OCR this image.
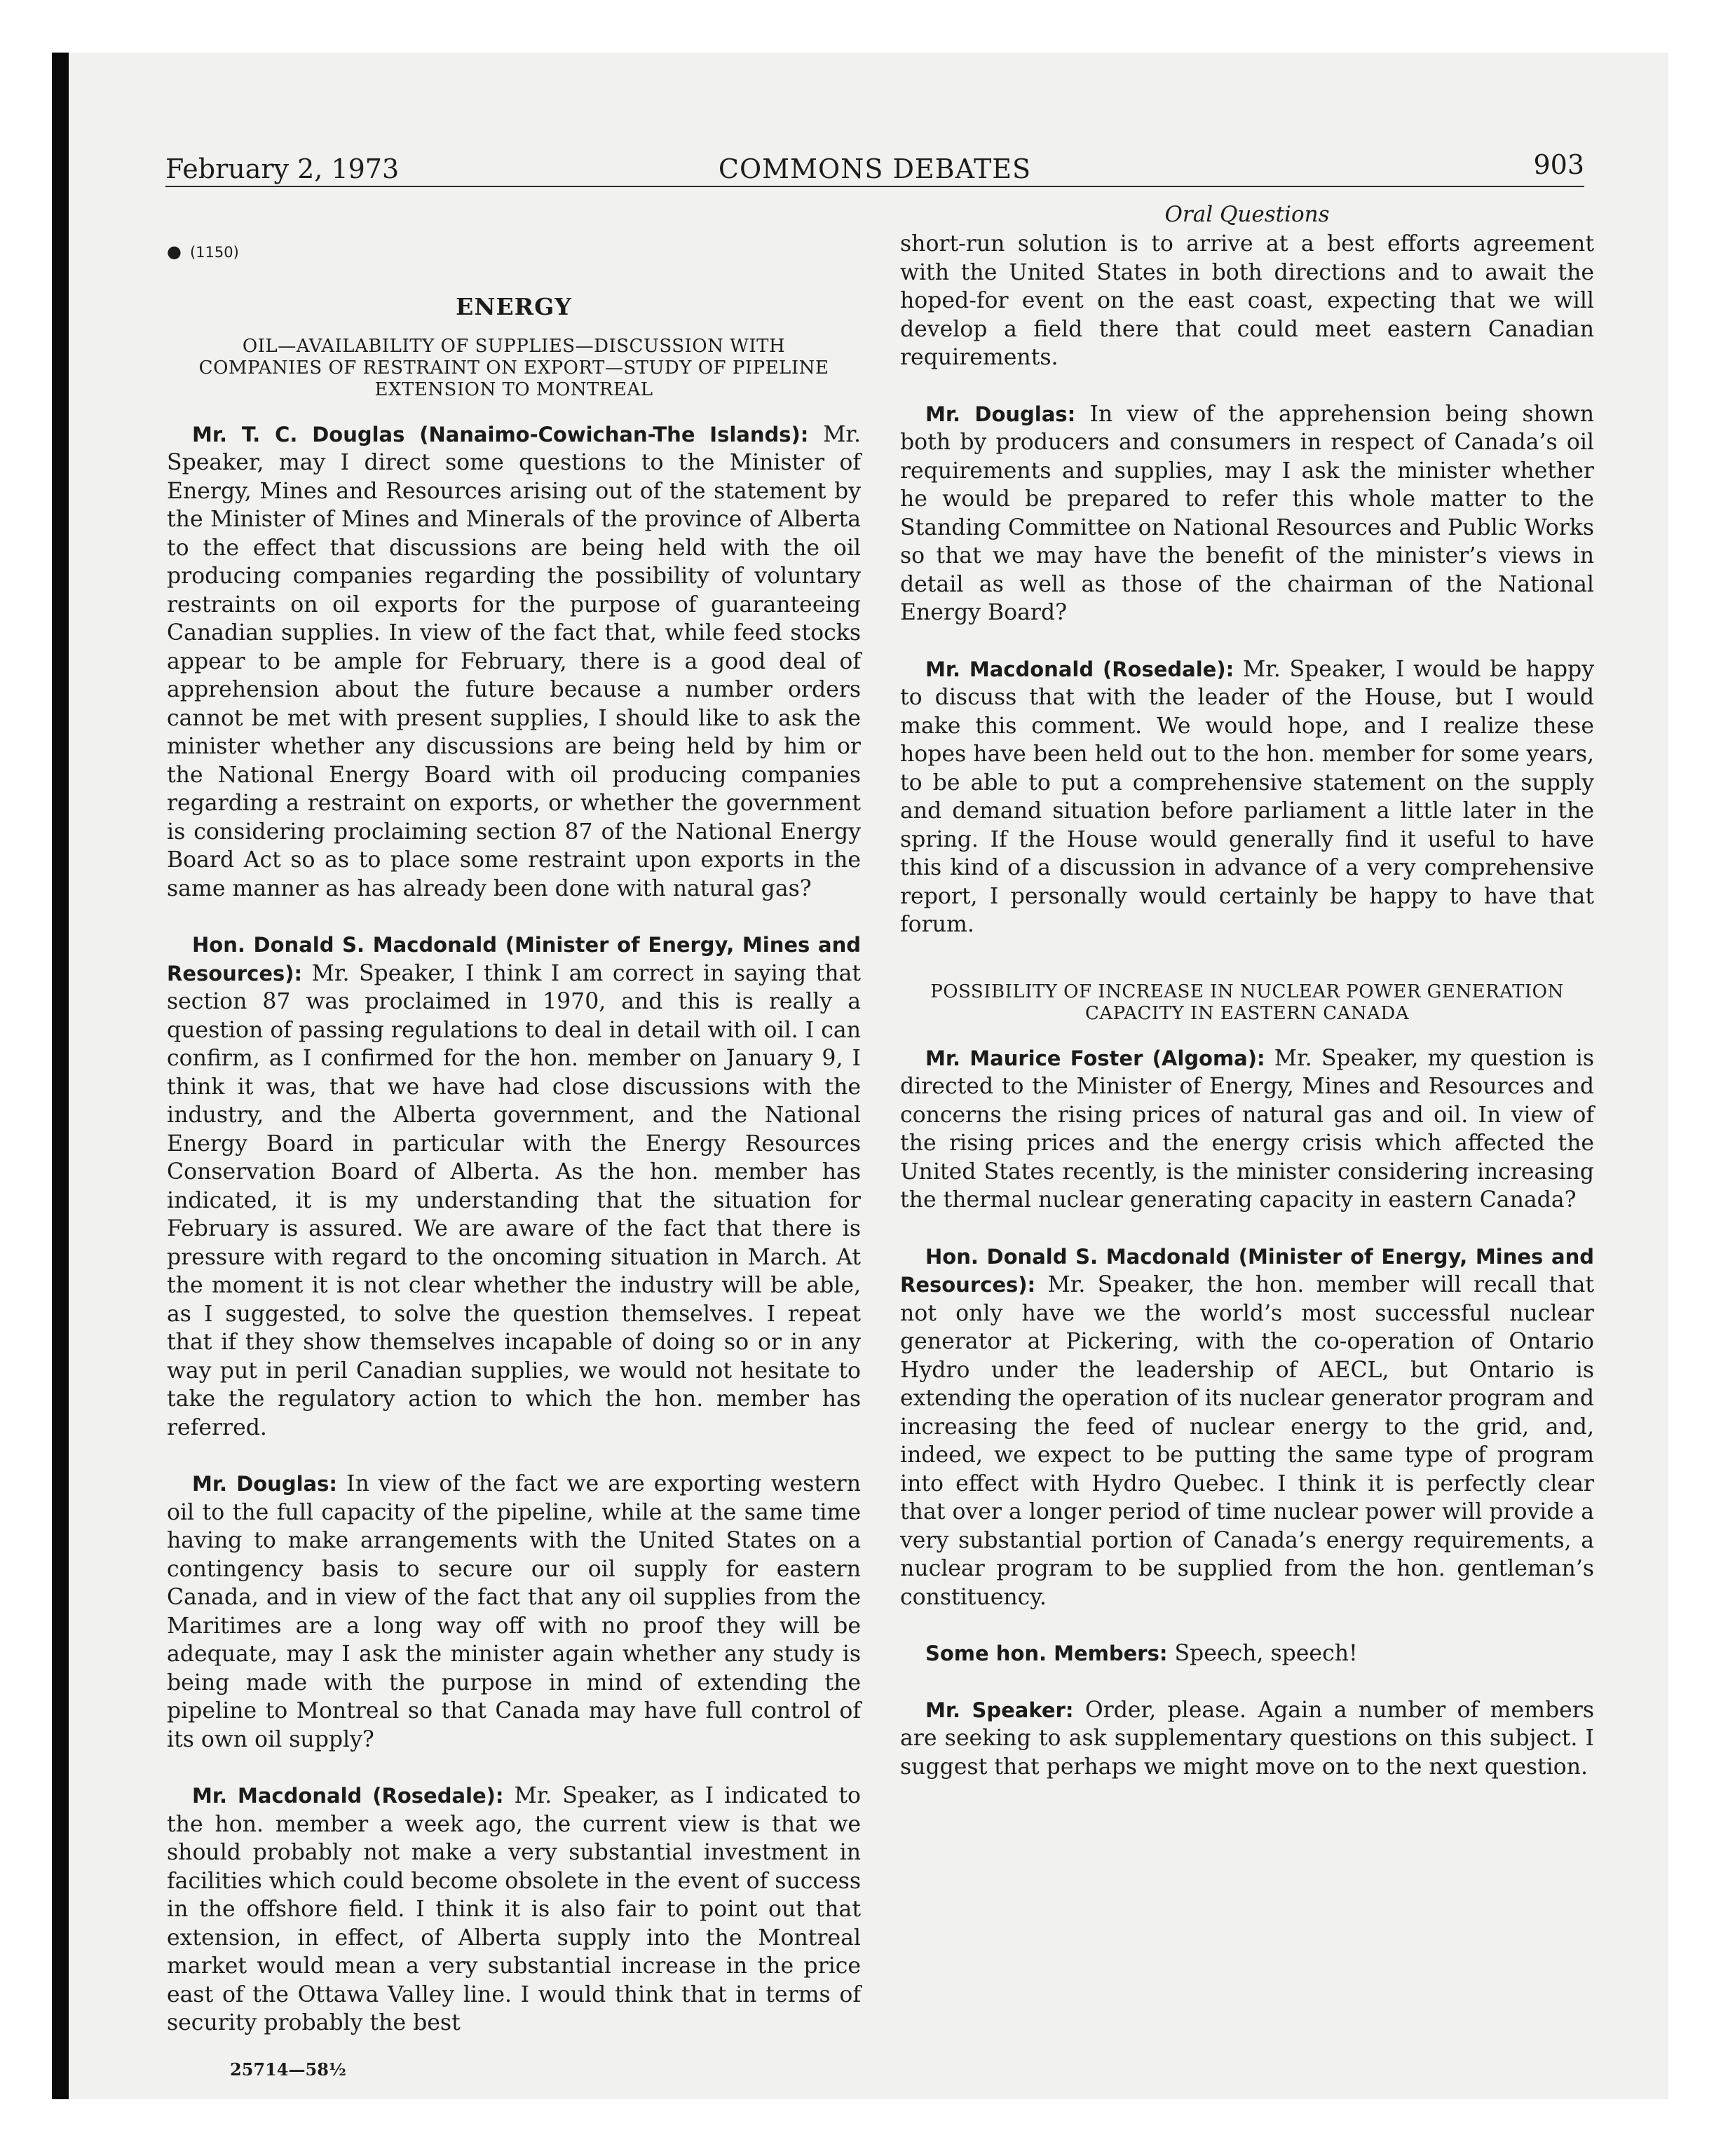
February 2, 1973	COMMONS DEBATES	903
● (1150)
ENERGY
OIL—AVAILABILITY OF SUPPLIES—DISCUSSION WITH COMPANIES OF RESTRAINT ON EXPORT—STUDY OF PIPELINE EXTENSION TO MONTREAL

Mr. T. C. Douglas (Nanaimo-Cowichan-The Islands): Mr. Speaker, may I direct some questions to the Minister of Energy, Mines and Resources arising out of the statement by the Minister of Mines and Minerals of the province of Alberta to the effect that discussions are being held with the oil producing companies regarding the possibility of voluntary restraints on oil exports for the purpose of guaranteeing Canadian supplies. In view of the fact that, while feed stocks appear to be ample for February, there is a good deal of apprehension about the future because a number orders cannot be met with present supplies, I should like to ask the minister whether any discussions are being held by him or the National Energy Board with oil producing companies regarding a restraint on exports, or whether the government is considering proclaiming section 87 of the National Energy Board Act so as to place some restraint upon exports in the same manner as has already been done with natural gas?

Hon. Donald S. Macdonald (Minister of Energy, Mines and Resources): Mr. Speaker, I think I am correct in saying that section 87 was proclaimed in 1970, and this is really a question of passing regulations to deal in detail with oil. I can confirm, as I confirmed for the hon. member on January 9, I think it was, that we have had close discussions with the industry, and the Alberta government, and the National Energy Board in particular with the Energy Resources Conservation Board of Alberta. As the hon. member has indicated, it is my understanding that the situation for February is assured. We are aware of the fact that there is pressure with regard to the oncoming situation in March. At the moment it is not clear whether the industry will be able, as I suggested, to solve the question themselves. I repeat that if they show themselves incapable of doing so or in any way put in peril Canadian supplies, we would not hesitate to take the regulatory action to which the hon. member has referred.

Mr. Douglas: In view of the fact we are exporting western oil to the full capacity of the pipeline, while at the same time having to make arrangements with the United States on a contingency basis to secure our oil supply for eastern Canada, and in view of the fact that any oil supplies from the Maritimes are a long way off with no proof they will be adequate, may I ask the minister again whether any study is being made with the purpose in mind of extending the pipeline to Montreal so that Canada may have full control of its own oil supply?

Mr. Macdonald (Rosedale): Mr. Speaker, as I indicated to the hon. member a week ago, the current view is that we should probably not make a very substantial investment in facilities which could become obsolete in the event of success in the offshore field. I think it is also fair to point out that extension, in effect, of Alberta supply into the Montreal market would mean a very substantial increase in the price east of the Ottawa Valley line. I would think that in terms of security probably the best

25714—58½
Oral Questions

short-run solution is to arrive at a best efforts agreement with the United States in both directions and to await the hoped-for event on the east coast, expecting that we will develop a field there that could meet eastern Canadian requirements.

Mr. Douglas: In view of the apprehension being shown both by producers and consumers in respect of Canada’s oil requirements and supplies, may I ask the minister whether he would be prepared to refer this whole matter to the Standing Committee on National Resources and Public Works so that we may have the benefit of the minister’s views in detail as well as those of the chairman of the National Energy Board?

Mr. Macdonald (Rosedale): Mr. Speaker, I would be happy to discuss that with the leader of the House, but I would make this comment. We would hope, and I realize these hopes have been held out to the hon. member for some years, to be able to put a comprehensive statement on the supply and demand situation before parliament a little later in the spring. If the House would generally find it useful to have this kind of a discussion in advance of a very comprehensive report, I personally would certainly be happy to have that forum.

POSSIBILITY OF INCREASE IN NUCLEAR POWER GENERATION CAPACITY IN EASTERN CANADA

Mr. Maurice Foster (Algoma): Mr. Speaker, my question is directed to the Minister of Energy, Mines and Resources and concerns the rising prices of natural gas and oil. In view of the rising prices and the energy crisis which affected the United States recently, is the minister considering increasing the thermal nuclear generating capacity in eastern Canada?

Hon. Donald S. Macdonald (Minister of Energy, Mines and Resources): Mr. Speaker, the hon. member will recall that not only have we the world’s most successful nuclear generator at Pickering, with the co-operation of Ontario Hydro under the leadership of AECL, but Ontario is extending the operation of its nuclear generator program and increasing the feed of nuclear energy to the grid, and, indeed, we expect to be putting the same type of program into effect with Hydro Quebec. I think it is perfectly clear that over a longer period of time nuclear power will provide a very substantial portion of Canada’s energy requirements, a nuclear program to be supplied from the hon. gentleman’s constituency.

Some hon. Members: Speech, speech!

Mr. Speaker: Order, please. Again a number of members are seeking to ask supplementary questions on this subject. I suggest that perhaps we might move on to the next question.
